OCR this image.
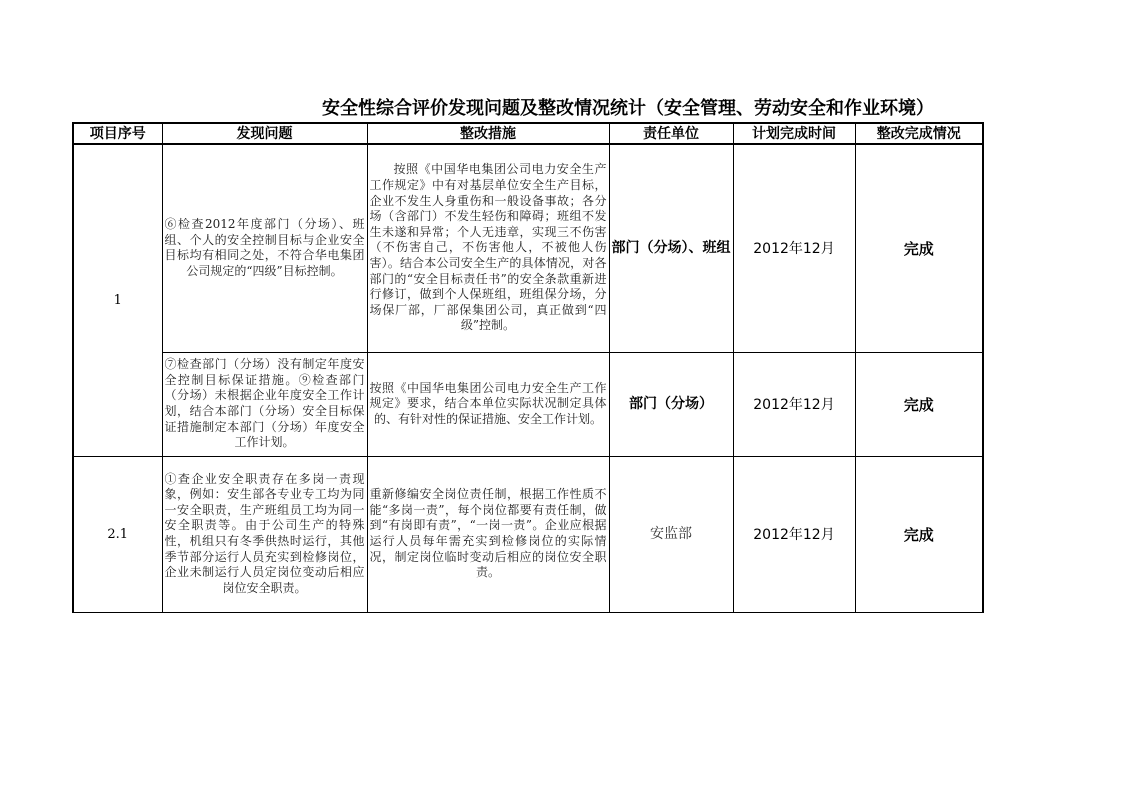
安全性综合评价发现问题及整改情况统计（安全管理、劳动安全和作业环境）
项目序号	发现问题	整改措施	责任单位	计划完成时间	整改完成情况
1	⑥检查2012年度部门（分场）、班组、个人的安全控制目标与企业安全目标均有相同之处，不符合华电集团公司规定的“四级”目标控制。	按照《中国华电集团公司电力安全生产工作规定》中有对基层单位安全生产目标，企业不发生人身重伤和一般设备事故；各分场（含部门）不发生轻伤和障碍；班组不发生未遂和异常；个人无违章，实现三不伤害（不伤害自己，不伤害他人，不被他人伤害）。结合本公司安全生产的具体情况，对各部门的“安全目标责任书”的安全条款重新进行修订，做到个人保班组，班组保分场，分场保厂部，厂部保集团公司，真正做到“四级”控制。	部门（分场）、班组	2012年12月	完成

	⑦检查部门（分场）没有制定年度安全控制目标保证措施。⑨检查部门（分场）未根据企业年度安全工作计划，结合本部门（分场）安全目标保证措施制定本部门（分场）年度安全工作计划。	按照《中国华电集团公司电力安全生产工作规定》要求，结合本单位实际状况制定具体的、有针对性的保证措施、安全工作计划。	部门（分场）	2012年12月	完成
2.1	①查企业安全职责存在多岗一责现象，例如：安生部各专业专工均为同一安全职责，生产班组员工均为同一安全职责等。由于公司生产的特殊性，机组只有冬季供热时运行，其他季节部分运行人员充实到检修岗位，企业未制运行人员定岗位变动后相应岗位安全职责。	重新修编安全岗位责任制，根据工作性质不能“多岗一责”，每个岗位都要有责任制，做到“有岗即有责”，“一岗一责”。企业应根据运行人员每年需充实到检修岗位的实际情况，制定岗位临时变动后相应的岗位安全职责。	安监部	2012年12月	完成
